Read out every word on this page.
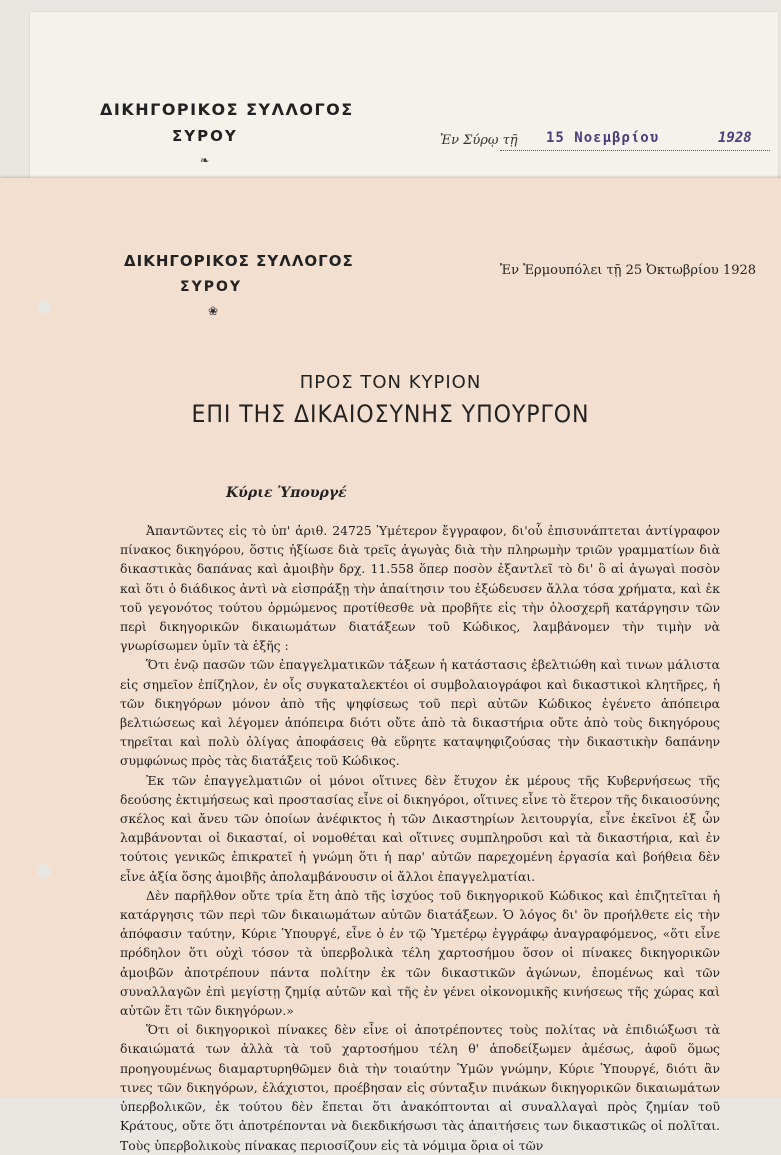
ΔΙΚΗΓΟΡΙΚΟΣ ΣΥΛΛΟΓΟΣ
ΣΥΡΟΥ
❧
Ἐν Σύρῳ τῇ 15 Νοεμβρίου	1928
ΔΙΚΗΓΟΡΙΚΟΣ ΣΥΛΛΟΓΟΣ
ΣΥΡΟΥ
❀
Ἐν Ἑρμουπόλει τῇ 25 Ὀκτωβρίου 1928
ΠΡΟΣ ΤΟΝ ΚΥΡΙΟΝ
ΕΠΙ ΤΗΣ ΔΙΚΑΙΟΣΥΝΗΣ ΥΠΟΥΡΓΟΝ
Κύριε Ὑπουργέ

Ἀπαντῶντες εἰς τὸ ὑπ' ἀριθ. 24725 Ὑμέτερον ἔγγραφον, δι'οὗ ἐπισυνάπτεται ἀντίγραφον πίνακος δικηγόρου, ὅστις ἠξίωσε διὰ τρεῖς ἀγωγὰς διὰ τὴν πληρωμὴν τριῶν γραμματίων διὰ δικαστικὰς δαπάνας καὶ ἀμοιβὴν δρχ. 11.558 ὅπερ ποσὸν ἐξαντλεῖ τὸ δι' ὃ αἱ ἀγωγαὶ ποσὸν καὶ ὅτι ὁ διάδικος ἀντὶ νὰ εἰσπράξῃ τὴν ἀπαίτησιν του ἐξώδευσεν ἄλλα τόσα χρήματα, καὶ ἐκ τοῦ γεγονότος τούτου ὁρμώμενος προτίθεσθε νὰ προβῆτε εἰς τὴν ὁλοσχερῆ κατάργησιν τῶν περὶ δικηγορικῶν δικαιωμάτων διατάξεων τοῦ Κώδικος, λαμβάνομεν τὴν τιμὴν νὰ γνωρίσωμεν ὑμῖν τὰ ἑξῆς :

Ὅτι ἐνῷ πασῶν τῶν ἐπαγγελματικῶν τάξεων ἡ κατάστασις ἐβελτιώθη καὶ τινων μάλιστα εἰς σημεῖον ἐπίζηλον, ἐν οἷς συγκαταλεκτέοι οἱ συμβολαιογράφοι καὶ δικαστικοὶ κλητῆρες, ἡ τῶν δικηγόρων μόνον ἀπὸ τῆς ψηφίσεως τοῦ περὶ αὐτῶν Κώδικος ἐγένετο ἀπόπειρα βελτιώσεως καὶ λέγομεν ἀπόπειρα διότι οὔτε ἀπὸ τὰ δικαστήρια οὔτε ἀπὸ τοὺς δικηγόρους τηρεῖται καὶ πολὺ ὀλίγας ἀποφάσεις θὰ εὕρητε καταψηφιζούσας τὴν δικαστικὴν δαπάνην συμφώνως πρὸς τὰς διατάξεις τοῦ Κώδικος.

Ἐκ τῶν ἐπαγγελματιῶν οἱ μόνοι οἵτινες δὲν ἔτυχον ἐκ μέρους τῆς Κυβερνήσεως τῆς δεούσης ἐκτιμήσεως καὶ προστασίας εἶνε οἱ δικηγόροι, οἵτινες εἶνε τὸ ἕτερον τῆς δικαιοσύνης σκέλος καὶ ἄνευ τῶν ὁποίων ἀνέφικτος ἡ τῶν Δικαστηρίων λειτουργία, εἶνε ἐκεῖνοι ἐξ ὧν λαμβάνονται οἱ δικασταί, οἱ νομοθέται καὶ οἵτινες συμπληροῦσι καὶ τὰ δικαστήρια, καὶ ἐν τούτοις γενικῶς ἐπικρατεῖ ἡ γνώμη ὅτι ἡ παρ' αὐτῶν παρεχομένη ἐργασία καὶ βοήθεια δὲν εἶνε ἀξία ὅσης ἀμοιβῆς ἀπολαμβάνουσιν οἱ ἄλλοι ἐπαγγελματίαι.

Δὲν παρῆλθον οὔτε τρία ἔτη ἀπὸ τῆς ἰσχύος τοῦ δικηγορικοῦ Κώδικος καὶ ἐπιζητεῖται ἡ κατάργησις τῶν περὶ τῶν δικαιωμάτων αὐτῶν διατάξεων. Ὁ λόγος δι' ὃν προήλθετε εἰς τὴν ἀπόφασιν ταύτην, Κύριε Ὑπουργέ, εἶνε ὁ ἐν τῷ Ὑμετέρῳ ἐγγράφῳ ἀναγραφόμενος, «ὅτι εἶνε πρόδηλον ὅτι οὐχὶ τόσον τὰ ὑπερβολικὰ τέλη χαρτοσήμου ὅσον οἱ πίνακες δικηγορικῶν ἀμοιβῶν ἀποτρέπουν πάντα πολίτην ἐκ τῶν δικαστικῶν ἀγώνων, ἐπομένως καὶ τῶν συναλλαγῶν ἐπὶ μεγίστῃ ζημίᾳ αὐτῶν καὶ τῆς ἐν γένει οἰκονομικῆς κινήσεως τῆς χώρας καὶ αὐτῶν ἔτι τῶν δικηγόρων.»

Ὅτι οἱ δικηγορικοὶ πίνακες δὲν εἶνε οἱ ἀποτρέποντες τοὺς πολίτας νὰ ἐπιδιώξωσι τὰ δικαιώματά των ἀλλὰ τὰ τοῦ χαρτοσήμου τέλη θ' ἀποδείξωμεν ἀμέσως, ἀφοῦ ὅμως προηγουμένως διαμαρτυρηθῶμεν διὰ τὴν τοιαύτην Ὑμῶν γνώμην, Κύριε Ὑπουργέ, διότι ἂν τινες τῶν δικηγόρων, ἐλάχιστοι, προέβησαν εἰς σύνταξιν πινάκων δικηγορικῶν δικαιωμάτων ὑπερβολικῶν, ἐκ τούτου δὲν ἕπεται ὅτι ἀνακόπτονται αἱ συναλλαγαὶ πρὸς ζημίαν τοῦ Κράτους, οὔτε ὅτι ἀποτρέπονται νὰ διεκδικήσωσι τὰς ἀπαιτήσεις των δικαστικῶς οἱ πολῖται. Τοὺς ὑπερβολικοὺς πίνακας περιοσίζουν εἰς τὰ νόμιμα ὅρια οἱ τῶν
